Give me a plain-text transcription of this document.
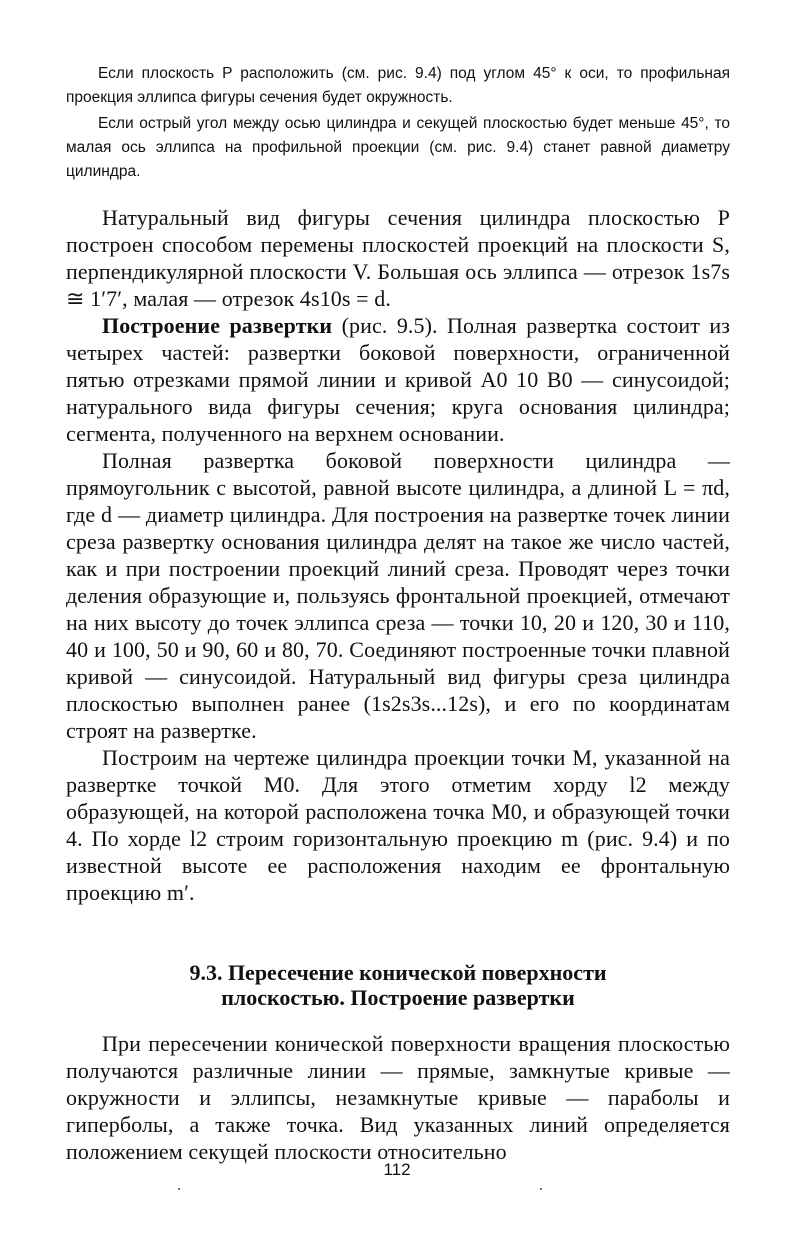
Если плоскость P расположить (см. рис. 9.4) под углом 45° к оси, то профильная проекция эллипса фигуры сечения будет окружность.

Если острый угол между осью цилиндра и секущей плоскостью будет меньше 45°, то малая ось эллипса на профильной проекции (см. рис. 9.4) станет равной диаметру цилиндра.

Натуральный вид фигуры сечения цилиндра плоскостью P построен способом перемены плоскостей проекций на плоскости S, перпендикулярной плоскости V. Большая ось эллипса — отрезок 1s7s ≅ 1′7′, малая — отрезок 4s10s = d.

Построение развертки (рис. 9.5). Полная развертка состоит из четырех частей: развертки боковой поверхности, ограниченной пятью отрезками прямой линии и кривой A0 10 B0 — синусоидой; натурального вида фигуры сечения; круга основания цилиндра; сегмента, полученного на верхнем основании.

Полная развертка боковой поверхности цилиндра — прямоугольник с высотой, равной высоте цилиндра, а длиной L = πd, где d — диаметр цилиндра. Для построения на развертке точек линии среза развертку основания цилиндра делят на такое же число частей, как и при построении проекций линий среза. Проводят через точки деления образующие и, пользуясь фронтальной проекцией, отмечают на них высоту до точек эллипса среза — точки 10, 20 и 120, 30 и 110, 40 и 100, 50 и 90, 60 и 80, 70. Соединяют построенные точки плавной кривой — синусоидой. Натуральный вид фигуры среза цилиндра плоскостью выполнен ранее (1s2s3s...12s), и его по координатам строят на развертке.

Построим на чертеже цилиндра проекции точки M, указанной на развертке точкой M0. Для этого отметим хорду l2 между образующей, на которой расположена точка M0, и образующей точки 4. По хорде l2 строим горизонтальную проекцию m (рис. 9.4) и по известной высоте ее расположения находим ее фронтальную проекцию m′.

9.3. Пересечение конической поверхности
плоскостью. Построение развертки

При пересечении конической поверхности вращения плоскостью получаются различные линии — прямые, замкнутые кривые — окружности и эллипсы, незамкнутые кривые — параболы и гиперболы, а также точка. Вид указанных линий определяется положением секущей плоскости относительно

112
